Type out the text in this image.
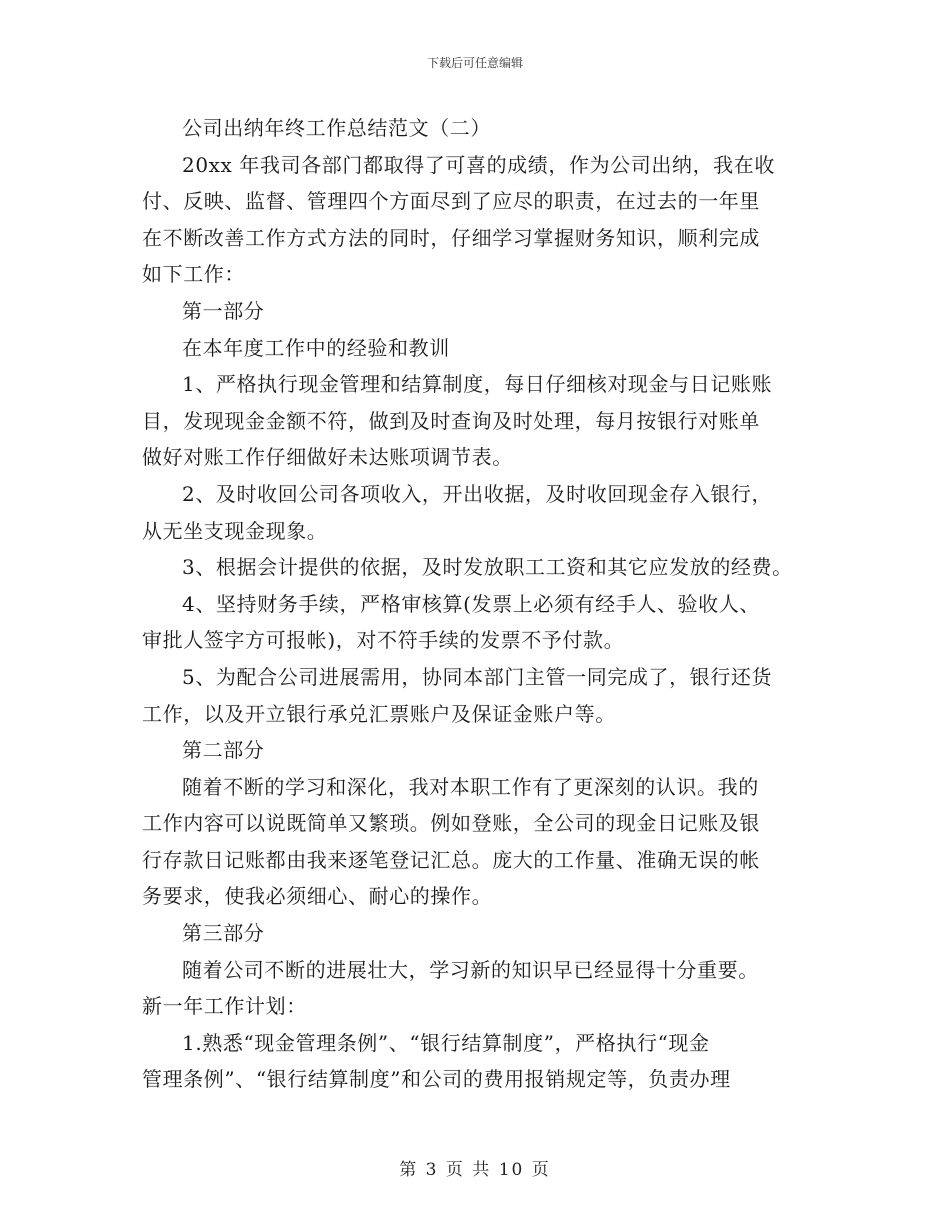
下载后可任意编辑
公司出纳年终工作总结范文（二）
20xx 年我司各部门都取得了可喜的成绩，作为公司出纳，我在收
付、反映、监督、管理四个方面尽到了应尽的职责，在过去的一年里
在不断改善工作方式方法的同时，仔细学习掌握财务知识，顺利完成
如下工作：
第一部分
在本年度工作中的经验和教训
1、严格执行现金管理和结算制度，每日仔细核对现金与日记账账
目，发现现金金额不符，做到及时查询及时处理，每月按银行对账单
做好对账工作仔细做好未达账项调节表。
2、及时收回公司各项收入，开出收据，及时收回现金存入银行，
从无坐支现金现象。
3、根据会计提供的依据，及时发放职工工资和其它应发放的经费。
4、坚持财务手续，严格审核算(发票上必须有经手人、验收人、
审批人签字方可报帐)，对不符手续的发票不予付款。
5、为配合公司进展需用，协同本部门主管一同完成了，银行还货
工作，以及开立银行承兑汇票账户及保证金账户等。
第二部分
随着不断的学习和深化，我对本职工作有了更深刻的认识。我的
工作内容可以说既简单又繁琐。例如登账，全公司的现金日记账及银
行存款日记账都由我来逐笔登记汇总。庞大的工作量、准确无误的帐
务要求，使我必须细心、耐心的操作。
第三部分
随着公司不断的进展壮大，学习新的知识早已经显得十分重要。
新一年工作计划：
1.熟悉“现金管理条例”、“银行结算制度”，严格执行“现金
管理条例”、“银行结算制度”和公司的费用报销规定等，负责办理
第 3 页 共 10 页
